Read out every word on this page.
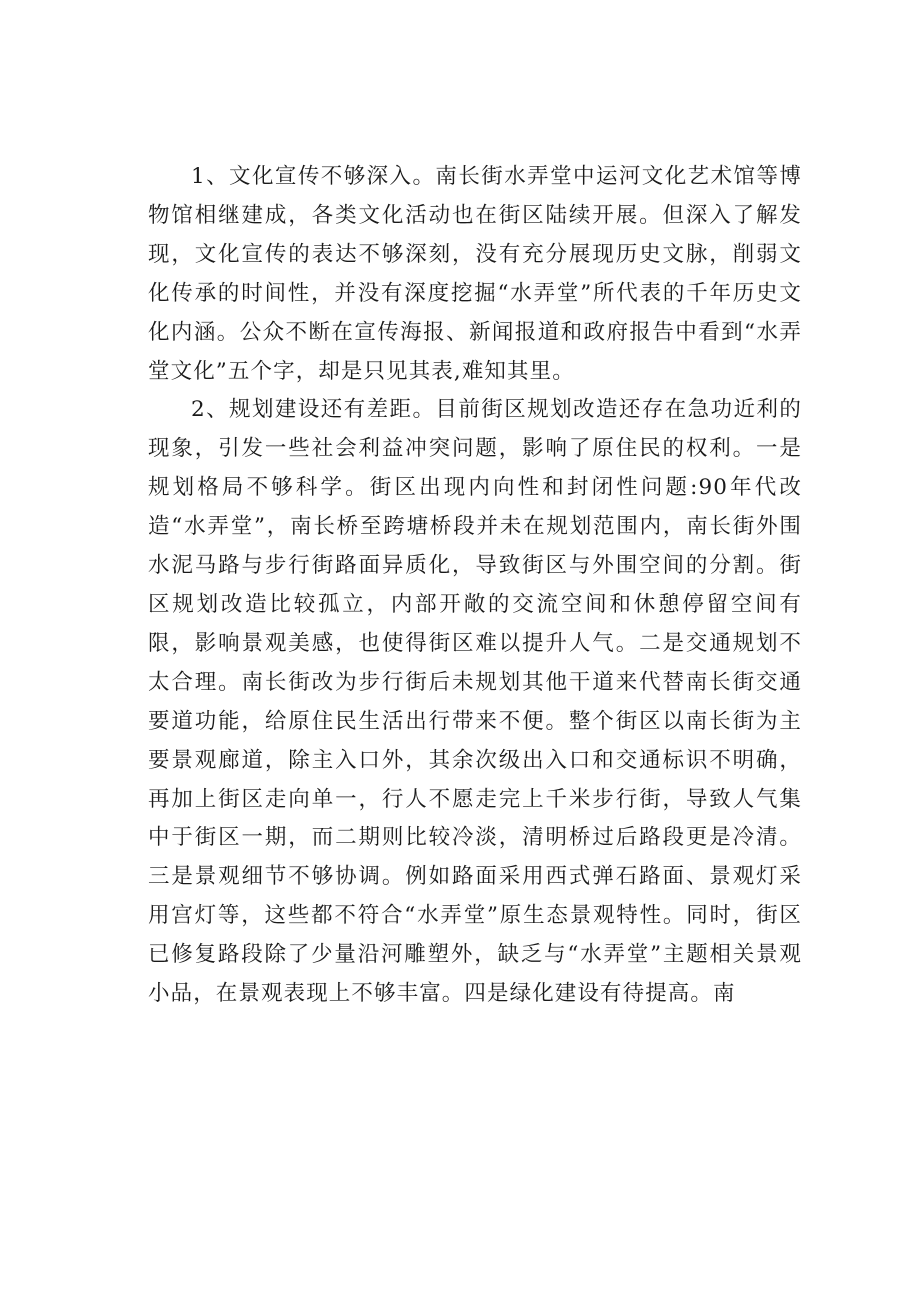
1、文化宣传不够深入。南长街水弄堂中运河文化艺术馆等博物馆相继建成，各类文化活动也在街区陆续开展。但深入了解发现，文化宣传的表达不够深刻，没有充分展现历史文脉，削弱文化传承的时间性，并没有深度挖掘“水弄堂”所代表的千年历史文化内涵。公众不断在宣传海报、新闻报道和政府报告中看到“水弄堂文化”五个字，却是只见其表,难知其里。

2、规划建设还有差距。目前街区规划改造还存在急功近利的现象，引发一些社会利益冲突问题，影响了原住民的权利。一是规划格局不够科学。街区出现内向性和封闭性问题:90年代改造“水弄堂”，南长桥至跨塘桥段并未在规划范围内，南长街外围水泥马路与步行街路面异质化，导致街区与外围空间的分割。街区规划改造比较孤立，内部开敞的交流空间和休憩停留空间有限，影响景观美感，也使得街区难以提升人气。二是交通规划不太合理。南长街改为步行街后未规划其他干道来代替南长街交通要道功能，给原住民生活出行带来不便。整个街区以南长街为主要景观廊道，除主入口外，其余次级出入口和交通标识不明确，再加上街区走向单一，行人不愿走完上千米步行街，导致人气集中于街区一期，而二期则比较冷淡，清明桥过后路段更是冷清。三是景观细节不够协调。例如路面采用西式弹石路面、景观灯采用宫灯等，这些都不符合“水弄堂”原生态景观特性。同时，街区已修复路段除了少量沿河雕塑外，缺乏与“水弄堂”主题相关景观小品，在景观表现上不够丰富。四是绿化建设有待提高。南
